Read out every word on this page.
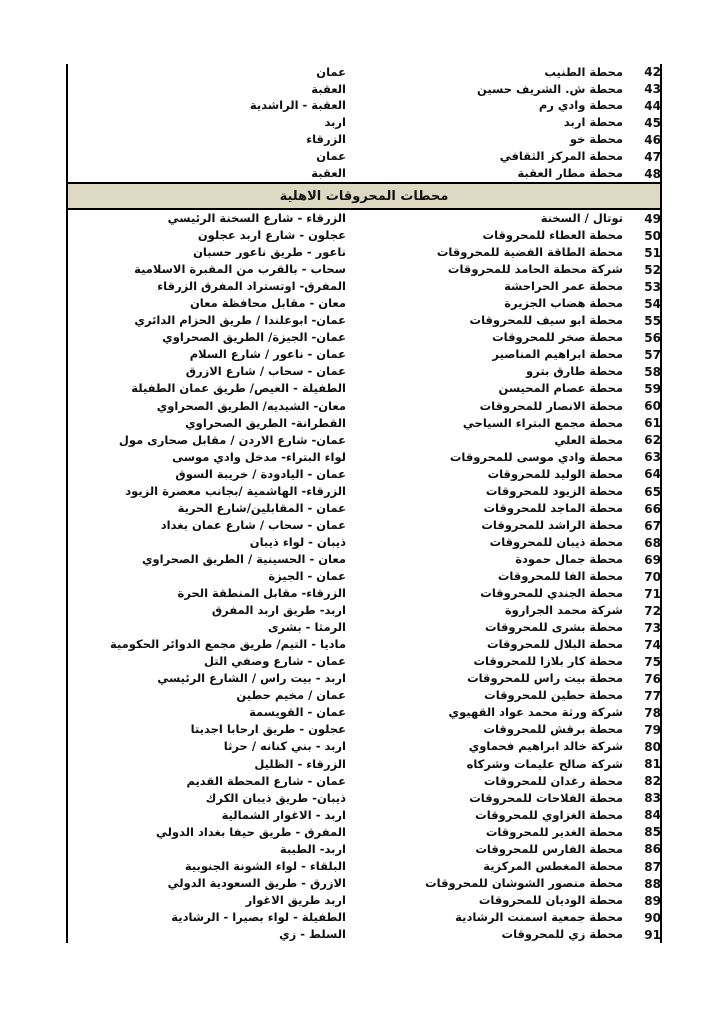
42
محطة الطنيب
عمان
43
محطة ش. الشريف حسين
العقبة
44
محطة وادي رم
العقبة - الراشدية
45
محطة اربد
اربد
46
محطة خو
الزرقاء
47
محطة المركز الثقافي
عمان
48
محطة مطار العقبة
العقبة
محطات المحروقات الاهلية
49
توتال / السخنة
الزرقاء - شارع السخنة الرئيسي
50
محطة العطاء للمحروقات
عجلون - شارع اربد عجلون
51
محطة الطاقة الفضية للمحروقات
ناعور - طريق ناعور حسبان
52
شركة محطة الحامد للمحروقات
سحاب - بالقرب من المقبرة الاسلامية
53
محطة عمر الحراحشة
المفرق- اوتستراد المفرق الزرقاء
54
محطة هضاب الجزيرة
معان - مقابل محافظة معان
55
محطة ابو سيف للمحروقات
عمان- ابوعلندا / طريق الحزام الدائري
56
محطة صخر للمحروقات
عمان- الجيزة/ الطريق الصحراوي
57
محطة ابراهيم المناصير
عمان - ناعور / شارع السلام
58
محطة طارق بترو
عمان - سحاب / شارع الازرق
59
محطة عصام المحيسن
الطفيلة - العيص/ طريق عمان الطفيلة
60
محطة الانصار للمحروقات
معان- الشيديه/ الطريق الصحراوي
61
محطة مجمع البتراء السياحي
القطرانة- الطريق الصحراوي
62
محطة العلي
عمان- شارع الاردن / مقابل صحارى مول
63
محطة وادي موسى للمحروقات
لواء البتراء- مدخل وادي موسى
64
محطة الوليد للمحروقات
عمان - اليادودة / خريبة السوق
65
محطة الزيود للمحروقات
الزرقاء- الهاشمية /بجانب معصرة الزيود
66
محطة الماجد للمحروقات
عمان - المقابلين/شارع الحرية
67
محطة الراشد للمحروقات
عمان - سحاب / شارع عمان بغداد
68
محطة ذيبان للمحروقات
ذيبان - لواء ذيبان
69
محطة جمال حمودة
معان - الحسينية / الطريق الصحراوي
70
محطة الفا للمحروقات
عمان - الجيزة
71
محطة الجندي للمحروقات
الزرقاء- مقابل المنطقة الحرة
72
شركة محمد الجراروة
اربد- طريق اربد المفرق
73
محطة بشرى للمحروقات
الرمثا - بشرى
74
محطة البلال للمحروقات
ماديا - التيم/ طريق مجمع الدوائر الحكومية
75
محطة كار بلازا للمحروقات
عمان - شارع وصفي التل
76
محطة بيت راس للمحروقات
اربد - بيت راس / الشارع الرئيسي
77
محطة حطين للمحروقات
عمان / مخيم حطين
78
شركة ورثة محمد عواد القهيوي
عمان - القويسمة
79
محطة برقش للمحروقات
عجلون - طريق ارحابا اجديتا
80
شركة خالد ابراهيم فحماوي
اربد - بني كنانه / حرثا
81
شركة صالح عليمات وشركاه
الزرقاء - الظليل
82
محطة رغدان للمحروقات
عمان - شارع المحطة القديم
83
محطة الفلاحات للمحروقات
ذيبان- طريق ذيبان الكرك
84
محطة الغزاوي للمحروقات
اربد - الاغوار الشمالية
85
محطة الغدير للمحروقات
المفرق - طريق حيفا بغداد الدولي
86
محطة الفارس للمحروقات
اربد- الطيبة
87
محطة المغطس المركزية
البلقاء - لواء الشونة الجنوبية
88
محطة منصور الشوشان للمحروقات
الازرق - طريق السعودية الدولي
89
محطة الوديان للمحروقات
اربد طريق الاغوار
90
محطة جمعية اسمنت الرشادية
الطفيلة - لواء بصيرا - الرشادية
91
محطة زي للمحروقات
السلط - زي
